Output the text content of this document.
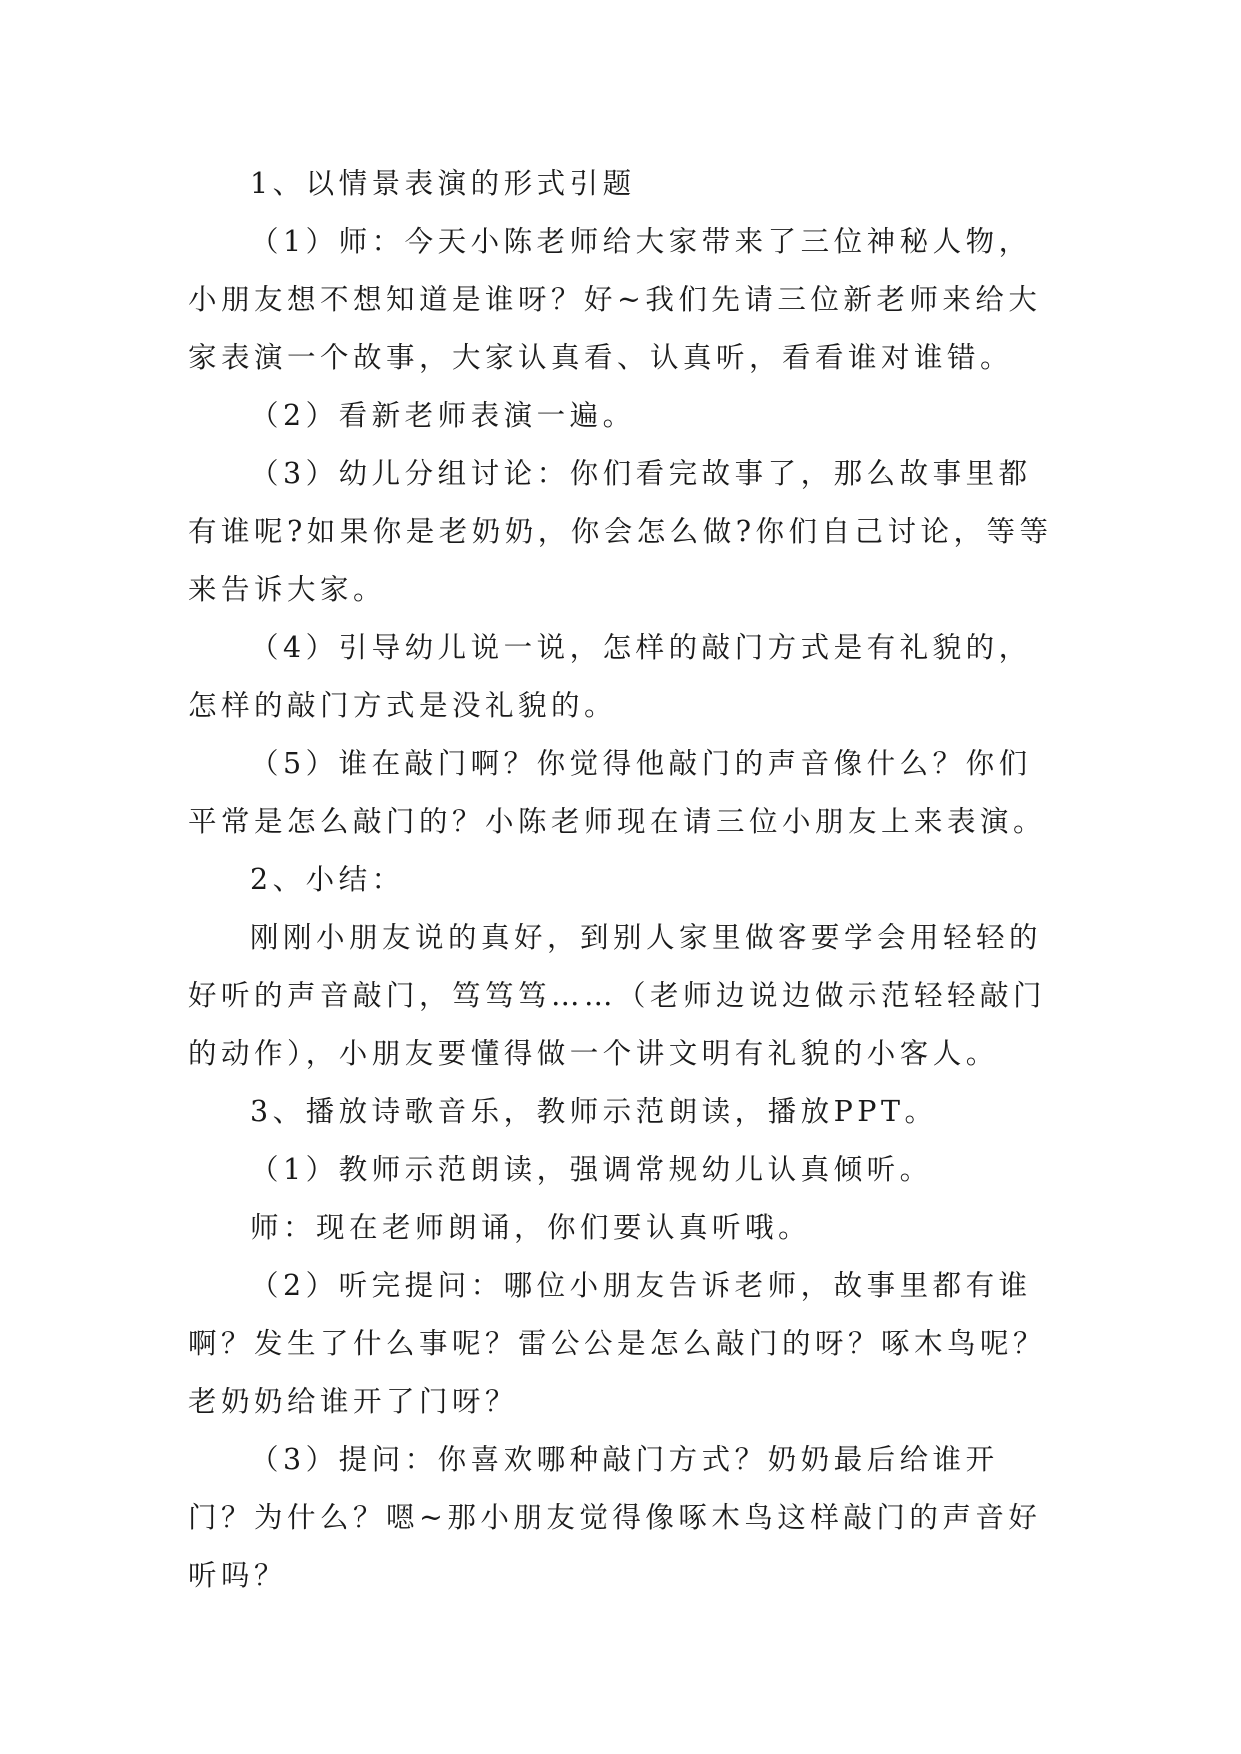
1、以情景表演的形式引题

（1）师：今天小陈老师给大家带来了三位神秘人物，小朋友想不想知道是谁呀？好~我们先请三位新老师来给大家表演一个故事，大家认真看、认真听，看看谁对谁错。

（2）看新老师表演一遍。

（3）幼儿分组讨论：你们看完故事了，那么故事里都有谁呢?如果你是老奶奶，你会怎么做?你们自己讨论，等等来告诉大家。

（4）引导幼儿说一说，怎样的敲门方式是有礼貌的，怎样的敲门方式是没礼貌的。

（5）谁在敲门啊？你觉得他敲门的声音像什么？你们平常是怎么敲门的？小陈老师现在请三位小朋友上来表演。

2、小结：

刚刚小朋友说的真好，到别人家里做客要学会用轻轻的好听的声音敲门，笃笃笃……（老师边说边做示范轻轻敲门的动作），小朋友要懂得做一个讲文明有礼貌的小客人。

3、播放诗歌音乐，教师示范朗读，播放PPT。

（1）教师示范朗读，强调常规幼儿认真倾听。

师：现在老师朗诵，你们要认真听哦。

（2）听完提问：哪位小朋友告诉老师，故事里都有谁啊？发生了什么事呢？雷公公是怎么敲门的呀？啄木鸟呢？老奶奶给谁开了门呀？

（3）提问：你喜欢哪种敲门方式？奶奶最后给谁开门？为什么？嗯~那小朋友觉得像啄木鸟这样敲门的声音好听吗？
